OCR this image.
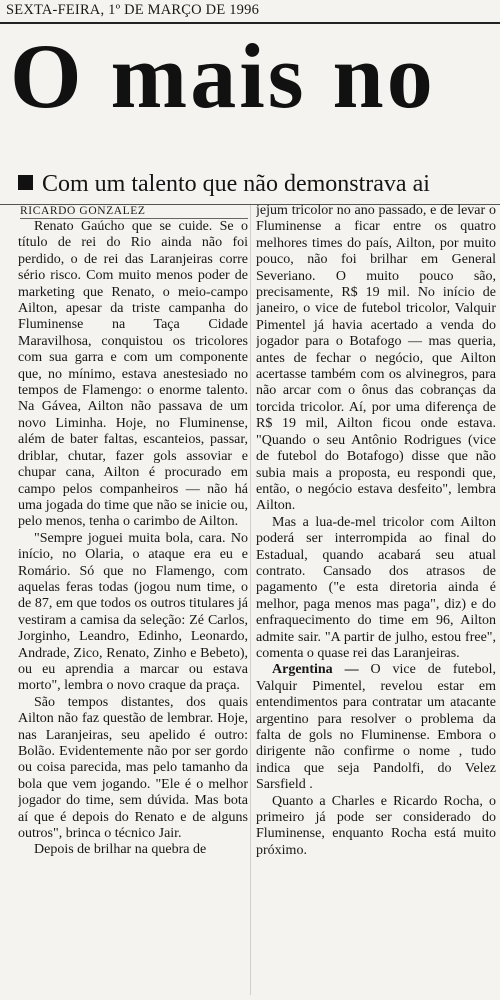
SEXTA-FEIRA, 1º DE MARÇO DE 1996
O mais no
Com um talento que não demonstrava ai
RICARDO GONZALEZ

Renato Gaúcho que se cuide. Se o título de rei do Rio ainda não foi perdido, o de rei das Laranjeiras corre sério risco. Com muito menos poder de marketing que Renato, o meio-campo Ailton, apesar da triste campanha do Fluminense na Taça Cidade Maravilhosa, conquistou os tricolores com sua garra e com um componente que, no mínimo, estava anestesiado no tempos de Flamengo: o enorme talento. Na Gávea, Ailton não passava de um novo Liminha. Hoje, no Fluminense, além de bater faltas, escanteios, passar, driblar, chutar, fazer gols assoviar e chupar cana, Ailton é procurado em campo pelos companheiros — não há uma jogada do time que não se inicie ou, pelo menos, tenha o carimbo de Ailton.

"Sempre joguei muita bola, cara. No início, no Olaria, o ataque era eu e Romário. Só que no Flamengo, com aquelas feras todas (jogou num time, o de 87, em que todos os outros titulares já vestiram a camisa da seleção: Zé Carlos, Jorginho, Leandro, Edinho, Leonardo, Andrade, Zico, Renato, Zinho e Bebeto), ou eu aprendia a marcar ou estava morto", lembra o novo craque da praça.

São tempos distantes, dos quais Ailton não faz questão de lembrar. Hoje, nas Laranjeiras, seu apelido é outro: Bolão. Evidentemente não por ser gordo ou coisa parecida, mas pelo tamanho da bola que vem jogando. "Ele é o melhor jogador do time, sem dúvida. Mas bota aí que é depois do Renato e de alguns outros", brinca o técnico Jair.

Depois de brilhar na quebra de

jejum tricolor no ano passado, e de levar o Fluminense a ficar entre os quatro melhores times do país, Ailton, por muito pouco, não foi brilhar em General Severiano. O muito pouco são, precisamente, R$ 19 mil. No início de janeiro, o vice de futebol tricolor, Valquir Pimentel já havia acertado a venda do jogador para o Botafogo — mas queria, antes de fechar o negócio, que Ailton acertasse também com os alvinegros, para não arcar com o ônus das cobranças da torcida tricolor. Aí, por uma diferença de R$ 19 mil, Ailton ficou onde estava. "Quando o seu Antônio Rodrigues (vice de futebol do Botafogo) disse que não subia mais a proposta, eu respondi que, então, o negócio estava desfeito", lembra Ailton.

Mas a lua-de-mel tricolor com Ailton poderá ser interrompida ao final do Estadual, quando acabará seu atual contrato. Cansado dos atrasos de pagamento ("e esta diretoria ainda é melhor, paga menos mas paga", diz) e do enfraquecimento do time em 96, Ailton admite sair. "A partir de julho, estou free", comenta o quase rei das Laranjeiras.

Argentina — O vice de futebol, Valquir Pimentel, revelou estar em entendimentos para contratar um atacante argentino para resolver o problema da falta de gols no Fluminense. Embora o dirigente não confirme o nome , tudo indica que seja Pandolfi, do Velez Sarsfield .

Quanto a Charles e Ricardo Rocha, o primeiro já pode ser considerado do Fluminense, enquanto Rocha está muito próximo.
